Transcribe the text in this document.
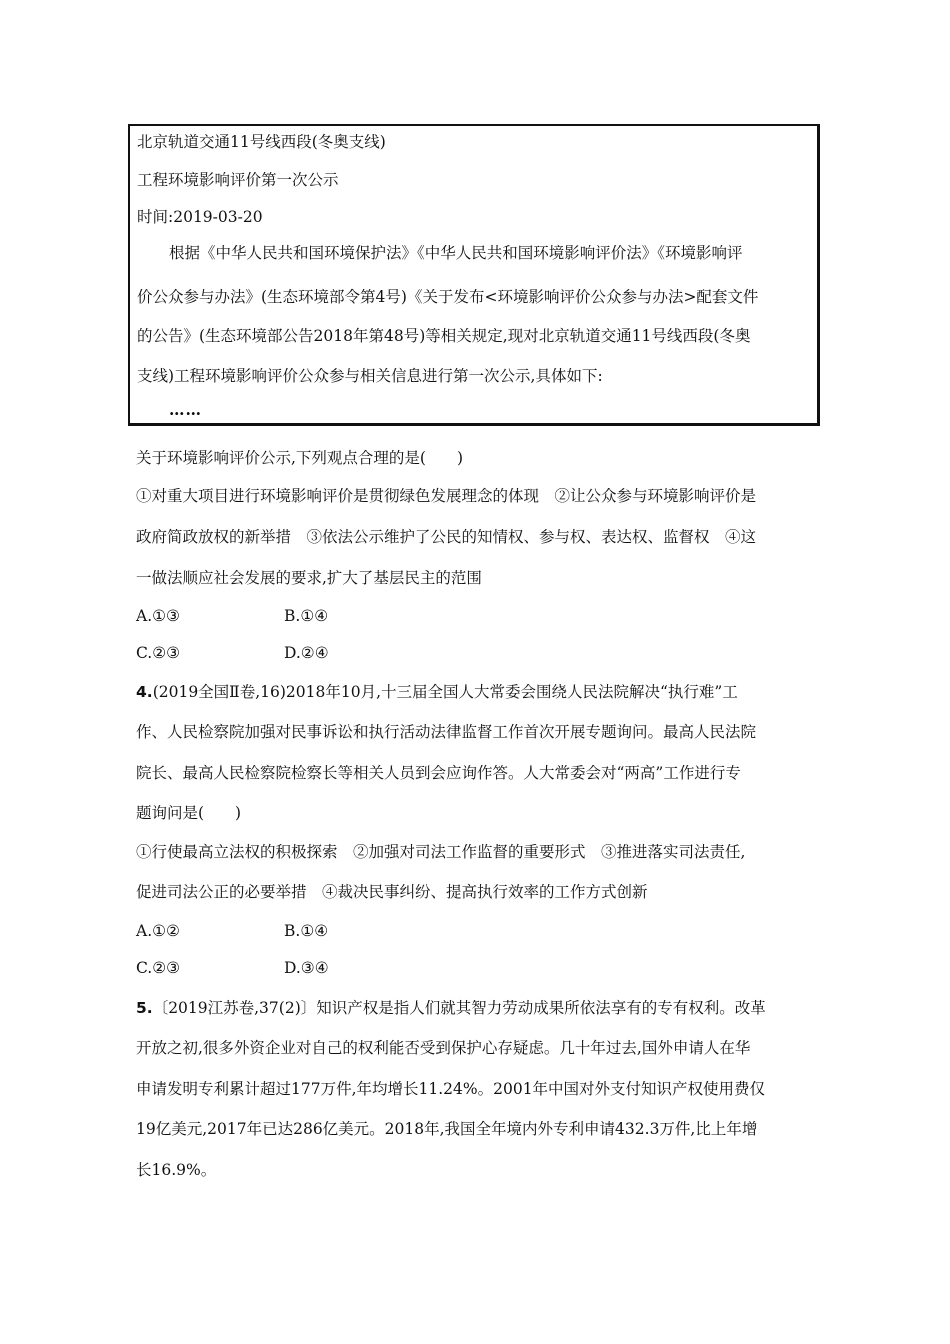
北京轨道交通11号线西段(冬奥支线)
工程环境影响评价第一次公示
时间:2019-03-20
根据《中华人民共和国环境保护法》《中华人民共和国环境影响评价法》《环境影响评
价公众参与办法》(生态环境部令第4号)《关于发布<环境影响评价公众参与办法>配套文件
的公告》(生态环境部公告2018年第48号)等相关规定,现对北京轨道交通11号线西段(冬奥
支线)工程环境影响评价公众参与相关信息进行第一次公示,具体如下:
……
关于环境影响评价公示,下列观点合理的是(　　)
①对重大项目进行环境影响评价是贯彻绿色发展理念的体现　②让公众参与环境影响评价是
政府简政放权的新举措　③依法公示维护了公民的知情权、参与权、表达权、监督权　④这
一做法顺应社会发展的要求,扩大了基层民主的范围
A.①③	B.①④
C.②③	D.②④
4.(2019全国Ⅱ卷,16)2018年10月,十三届全国人大常委会围绕人民法院解决“执行难”工
作、人民检察院加强对民事诉讼和执行活动法律监督工作首次开展专题询问。最高人民法院
院长、最高人民检察院检察长等相关人员到会应询作答。人大常委会对“两高”工作进行专
题询问是(　　)
①行使最高立法权的积极探索　②加强对司法工作监督的重要形式　③推进落实司法责任,
促进司法公正的必要举措　④裁决民事纠纷、提高执行效率的工作方式创新
A.①②	B.①④
C.②③	D.③④
5.〔2019江苏卷,37(2)〕知识产权是指人们就其智力劳动成果所依法享有的专有权利。改革
开放之初,很多外资企业对自己的权利能否受到保护心存疑虑。几十年过去,国外申请人在华
申请发明专利累计超过177万件,年均增长11.24%。2001年中国对外支付知识产权使用费仅
19亿美元,2017年已达286亿美元。2018年,我国全年境内外专利申请432.3万件,比上年增
长16.9%。
